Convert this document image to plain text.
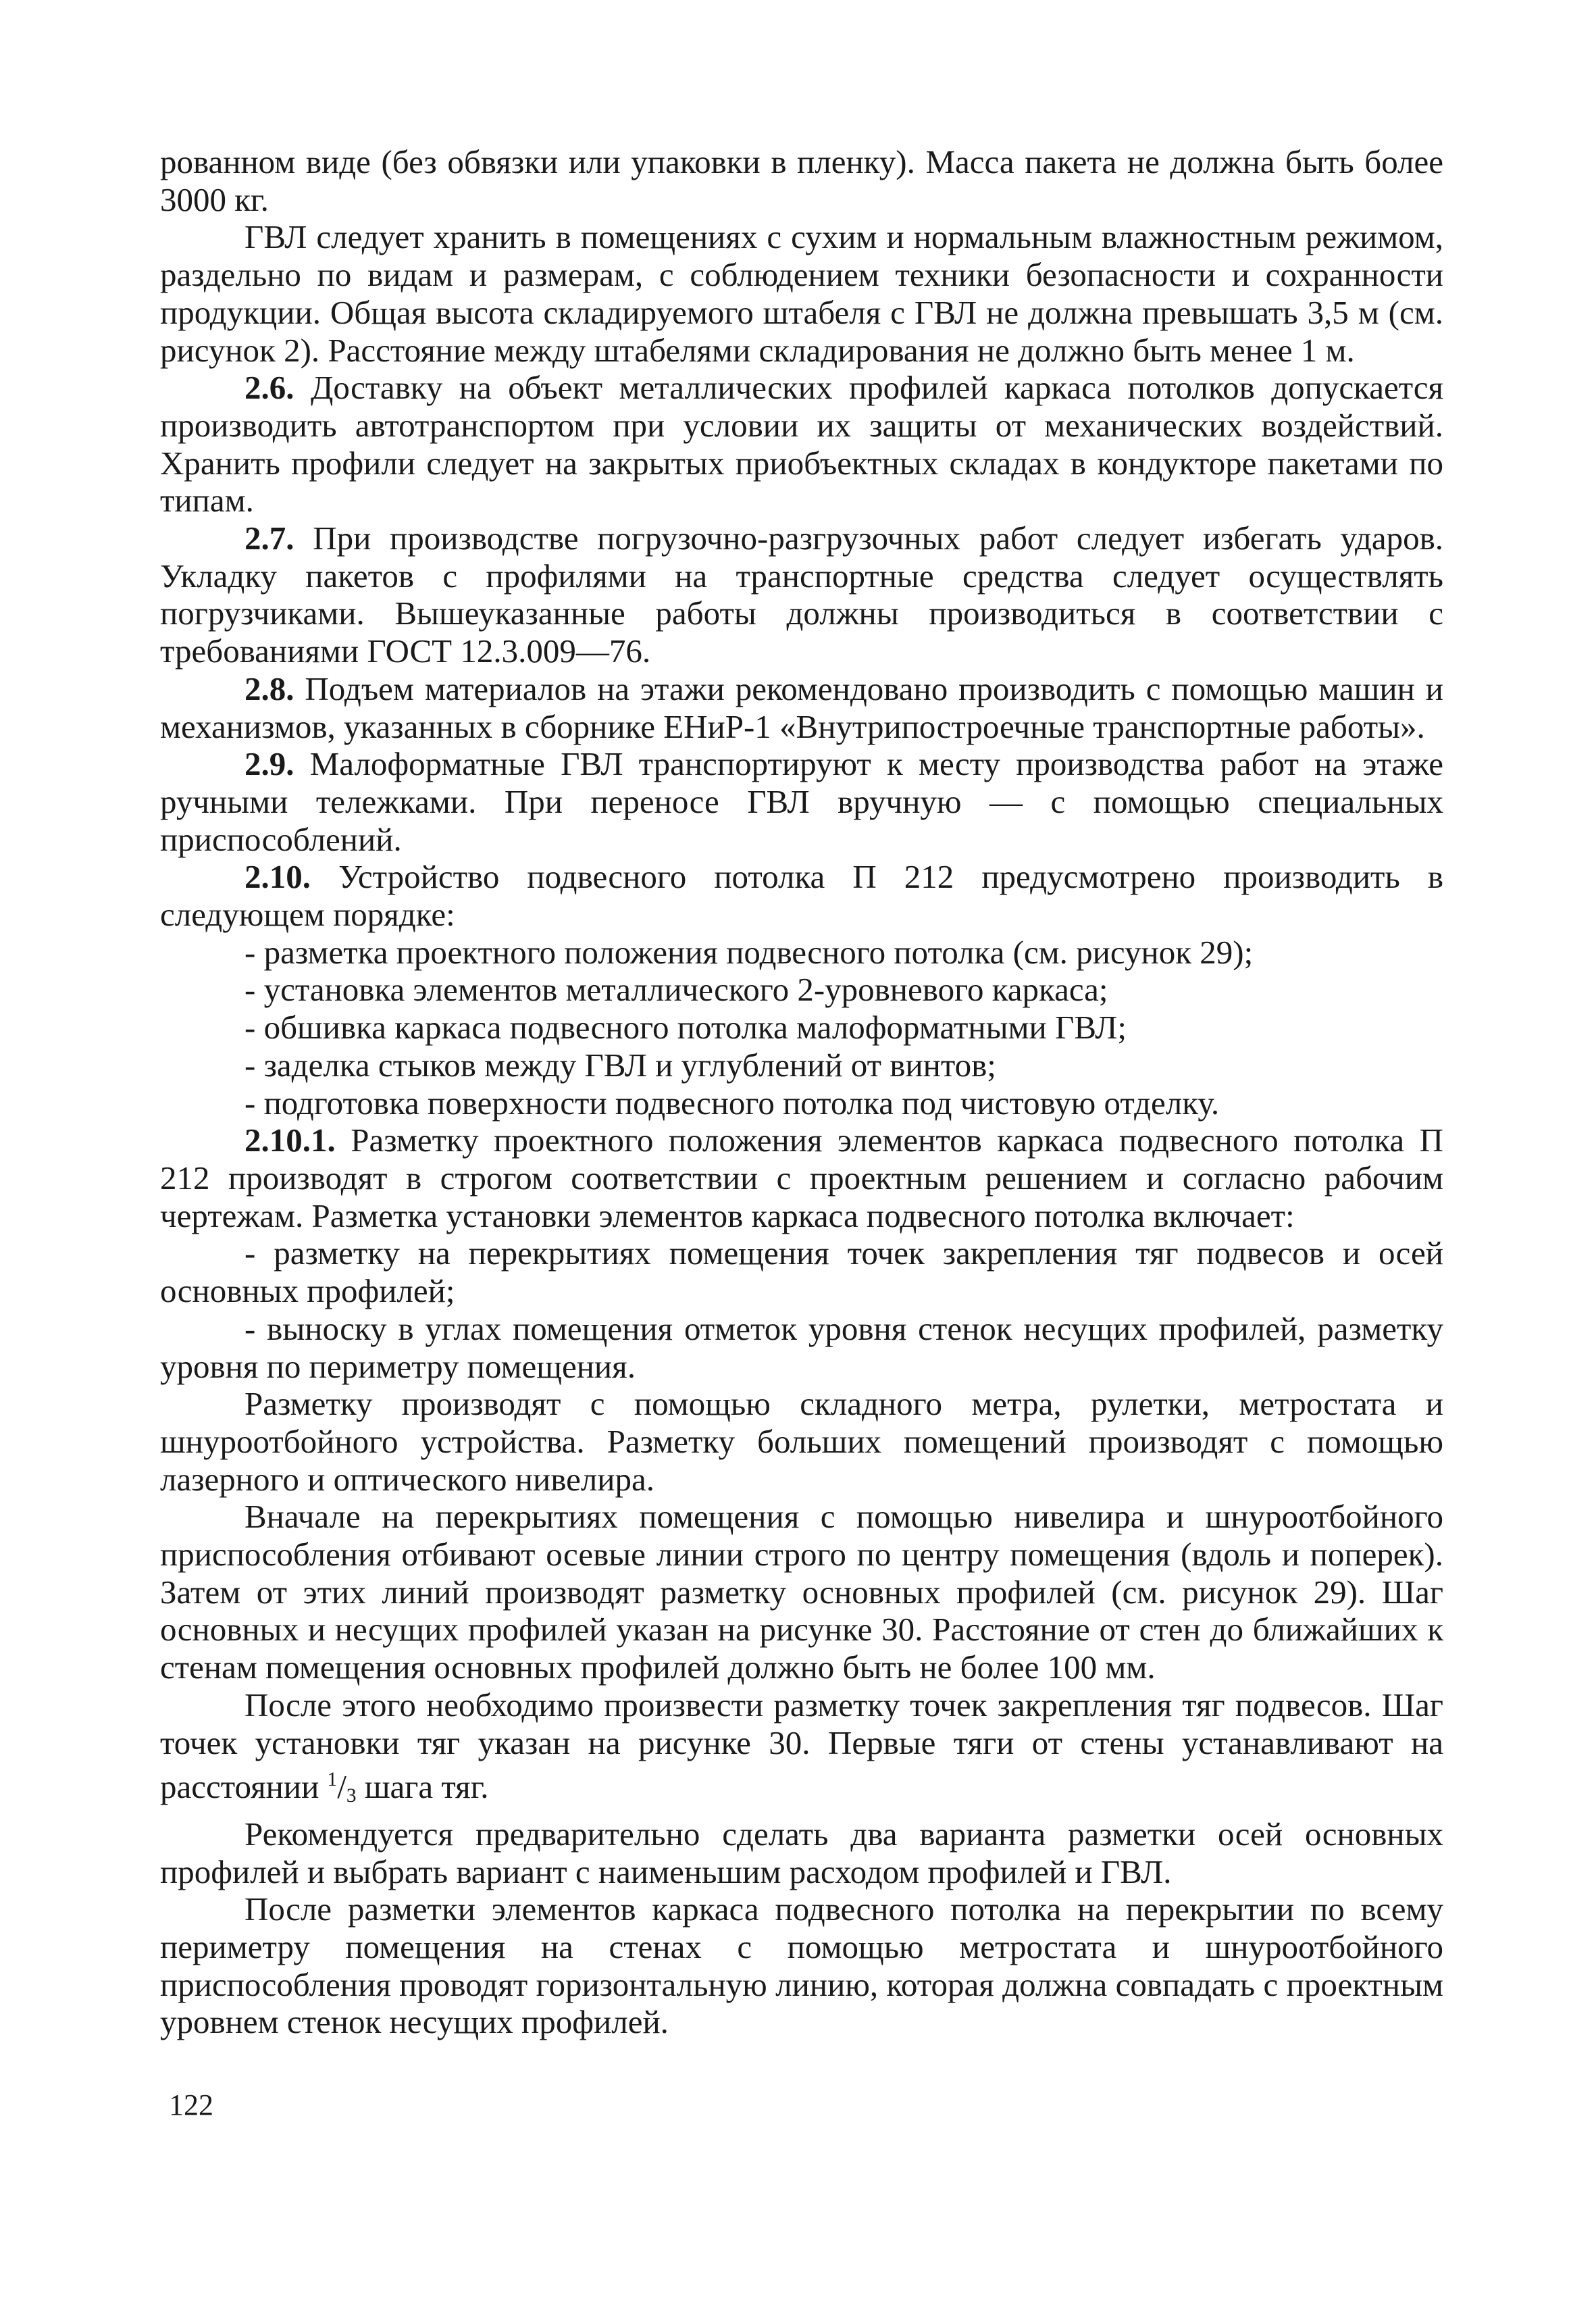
рованном виде (без обвязки или упаковки в пленку). Масса пакета не должна быть более 3000 кг.

ГВЛ следует хранить в помещениях с сухим и нормальным влажностным режимом, раздельно по видам и размерам, с соблюдением техники безопасности и сохранности продукции. Общая высота складируемого штабеля с ГВЛ не должна превышать 3,5 м (см. рисунок 2). Расстояние между штабелями складирования не должно быть менее 1 м.

2.6. Доставку на объект металлических профилей каркаса потолков допускается производить автотранспортом при условии их защиты от механических воздействий. Хранить профили следует на закрытых приобъектных складах в кондукторе пакетами по типам.

2.7. При производстве погрузочно-разгрузочных работ следует избегать ударов. Укладку пакетов с профилями на транспортные средства следует осуществлять погрузчиками. Вышеуказанные работы должны производиться в соответствии с требованиями ГОСТ 12.3.009—76.

2.8. Подъем материалов на этажи рекомендовано производить с помощью машин и механизмов, указанных в сборнике ЕНиР-1 «Внутрипостроечные транспортные работы».

2.9. Малоформатные ГВЛ транспортируют к месту производства работ на этаже ручными тележками. При переносе ГВЛ вручную — с помощью специальных приспособлений.

2.10. Устройство подвесного потолка П 212 предусмотрено производить в следующем порядке:

- разметка проектного положения подвесного потолка (см. рисунок 29);

- установка элементов металлического 2-уровневого каркаса;

- обшивка каркаса подвесного потолка малоформатными ГВЛ;

- заделка стыков между ГВЛ и углублений от винтов;

- подготовка поверхности подвесного потолка под чистовую отделку.

2.10.1. Разметку проектного положения элементов каркаса подвесного потолка П 212 производят в строгом соответствии с проектным решением и согласно рабочим чертежам. Разметка установки элементов каркаса подвесного потолка включает:

- разметку на перекрытиях помещения точек закрепления тяг подвесов и осей основных профилей;

- выноску в углах помещения отметок уровня стенок несущих профилей, разметку уровня по периметру помещения.

Разметку производят с помощью складного метра, рулетки, метростата и шнуроотбойного устройства. Разметку больших помещений производят с помощью лазерного и оптического нивелира.

Вначале на перекрытиях помещения с помощью нивелира и шнуроотбойного приспособления отбивают осевые линии строго по центру помещения (вдоль и поперек). Затем от этих линий производят разметку основных профилей (см. рисунок 29). Шаг основных и несущих профилей указан на рисунке 30. Расстояние от стен до ближайших к стенам помещения основных профилей должно быть не более 100 мм.

После этого необходимо произвести разметку точек закрепления тяг подвесов. Шаг точек установки тяг указан на рисунке 30. Первые тяги от стены устанавливают на расстоянии $^1/_3$ шага тяг.

Рекомендуется предварительно сделать два варианта разметки осей основных профилей и выбрать вариант с наименьшим расходом профилей и ГВЛ.

После разметки элементов каркаса подвесного потолка на перекрытии по всему периметру помещения на стенах с помощью метростата и шнуроотбойного приспособления проводят горизонтальную линию, которая должна совпадать с проектным уровнем стенок несущих профилей.

122
